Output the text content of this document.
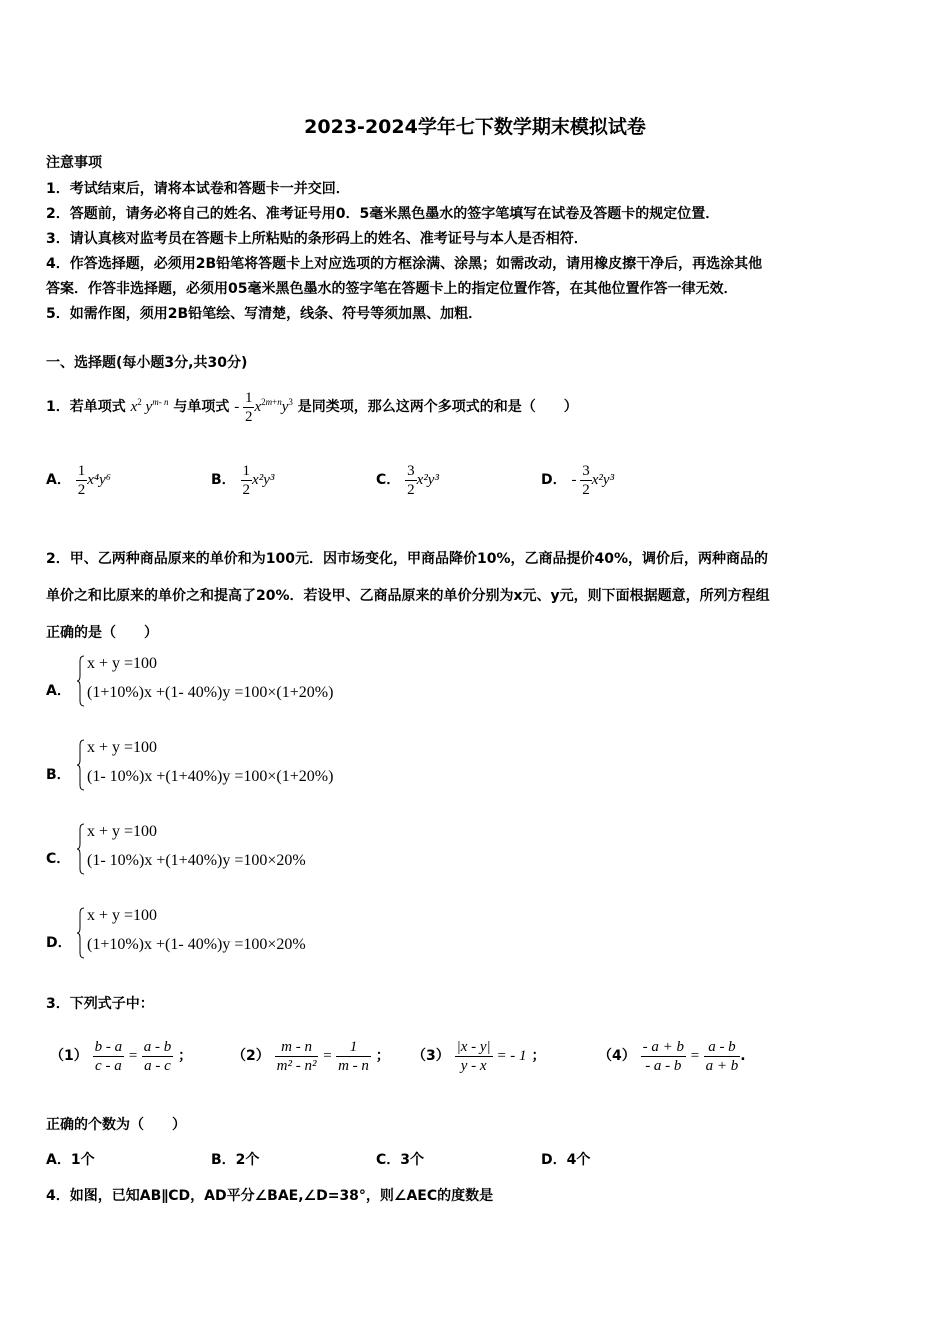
2023-2024学年七下数学期末模拟试卷
注意事项
1．考试结束后，请将本试卷和答题卡一并交回．
2．答题前，请务必将自己的姓名、准考证号用0．5毫米黑色墨水的签字笔填写在试卷及答题卡的规定位置．
3．请认真核对监考员在答题卡上所粘贴的条形码上的姓名、准考证号与本人是否相符．
4．作答选择题，必须用2B铅笔将答题卡上对应选项的方框涂满、涂黑；如需改动，请用橡皮擦干净后，再选涂其他
答案．作答非选择题，必须用05毫米黑色墨水的签字笔在答题卡上的指定位置作答，在其他位置作答一律无效．
5．如需作图，须用2B铅笔绘、写清楚，线条、符号等须加黑、加粗．
一、选择题(每小题3分,共30分)
1．若单项式 $x^2$ $y^{m- n}$ 与单项式 - $\frac{1}{2} x^{2m+n}y^3$ 是同类项，那么这两个多项式的和是（　　）
A． $\frac{1}{2} x^4y^6$	B． $\frac{1}{2} x^2y^3$	C． $\frac{3}{2} x^2y^3$	D． - $\frac{3}{2} x^2y^3$
2．甲、乙两种商品原来的单价和为100元．因市场变化，甲商品降价10%，乙商品提价40%，调价后，两种商品的
单价之和比原来的单价之和提高了20%．若设甲、乙商品原来的单价分别为x元、y元，则下面根据题意，所列方程组
正确的是（　　）
A．
x + y =100
(1+10%)x +(1- 40%)y =100×(1+20%)
B．
x + y =100
(1- 10%)x +(1+40%)y =100×(1+20%)
C．
x + y =100
(1- 10%)x +(1+40%)y =100×20%
D．
x + y =100
(1+10%)x +(1- 40%)y =100×20%
3．下列式子中：
$(1) \frac{b - a}{c - a} = \frac{a - b}{a - c}$ ；	$(2) \frac{m - n}{\text{m² - n²}} = \frac{1}{m - n}$ ； $(3) \frac{|x - y|}{y - x}$ = - 1 ；	$(4) \frac{- a + b}{- a - b} = \frac{a - b}{a + b}$ .
正确的个数为（　　）
A．1个	B．2个	C．3个	D．4个
4．如图，已知AB∥CD，AD平分∠BAE,∠D=38°，则∠AEC的度数是
